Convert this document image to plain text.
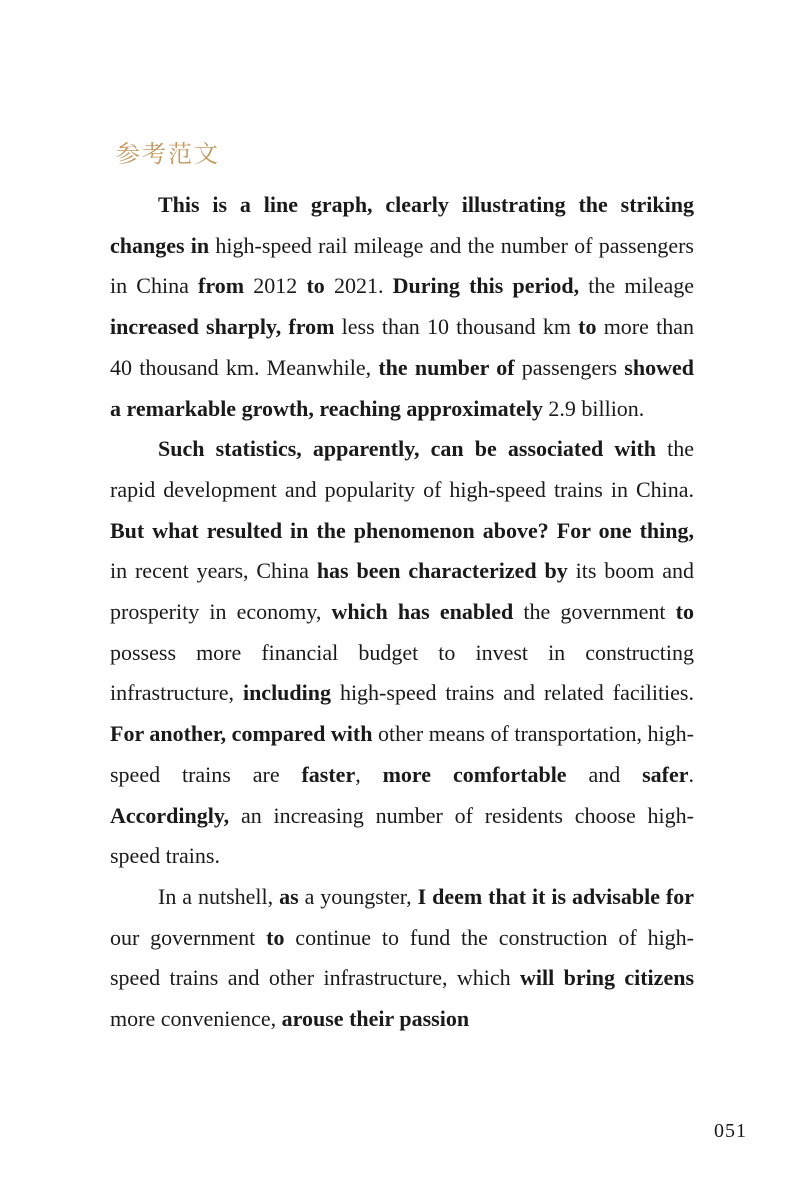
参考范文

This is a line graph, clearly illustrating the striking changes in high-speed rail mileage and the number of passengers in China from 2012 to 2021. During this period, the mileage increased sharply, from less than 10 thousand km to more than 40 thousand km. Meanwhile, the number of passengers showed a remarkable growth, reaching approximately 2.9 billion.

Such statistics, apparently, can be associated with the rapid development and popularity of high-speed trains in China. But what resulted in the phenomenon above? For one thing, in recent years, China has been characterized by its boom and prosperity in economy, which has enabled the government to possess more financial budget to invest in constructing infrastructure, including high-speed trains and related facilities. For another, compared with other means of transportation, high-speed trains are faster, more comfortable and safer. Accordingly, an increasing number of residents choose high-speed trains.

In a nutshell, as a youngster, I deem that it is advisable for our government to continue to fund the construction of high-speed trains and other infrastructure, which will bring citizens more convenience, arouse their passion

051
